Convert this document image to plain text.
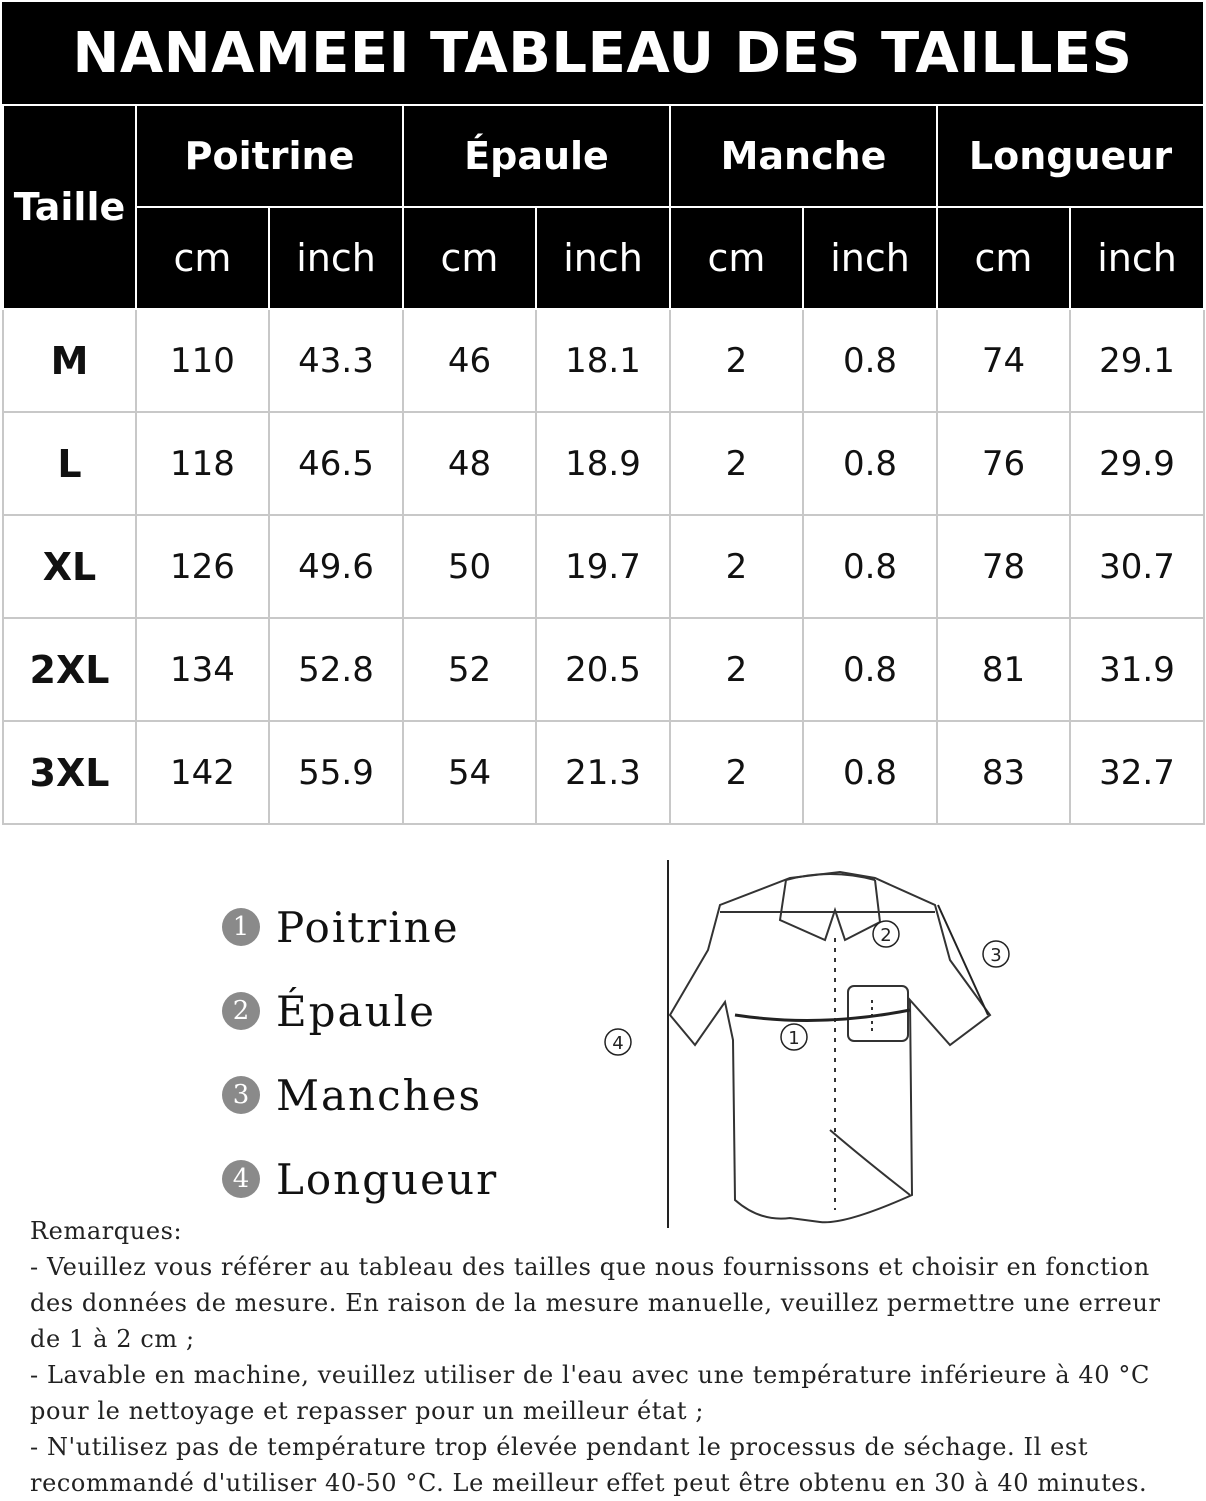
NANAMEEI TABLEAU DES TAILLES
Taille	Poitrine		Épaule		Manche		Longueur	
	cm	inch	cm	inch	cm	inch	cm	inch
M	110	43.3	46	18.1	2	0.8	74	29.1
L	118	46.5	48	18.9	2	0.8	76	29.9
XL	126	49.6	50	19.7	2	0.8	78	30.7
2XL	134	52.8	52	20.5	2	0.8	81	31.9
3XL	142	55.9	54	21.3	2	0.8	83	32.7
1 Poitrine
2 Épaule
3 Manches
4 Longueur
1
2
3
4

Remarques:

- Veuillez vous référer au tableau des tailles que nous fournissons et choisir en fonction des données de mesure. En raison de la mesure manuelle, veuillez permettre une erreur de 1 à 2 cm ;

- Lavable en machine, veuillez utiliser de l'eau avec une température inférieure à 40 °C pour le nettoyage et repasser pour un meilleur état ;

- N'utilisez pas de température trop élevée pendant le processus de séchage. Il est recommandé d'utiliser 40-50 °C. Le meilleur effet peut être obtenu en 30 à 40 minutes.
